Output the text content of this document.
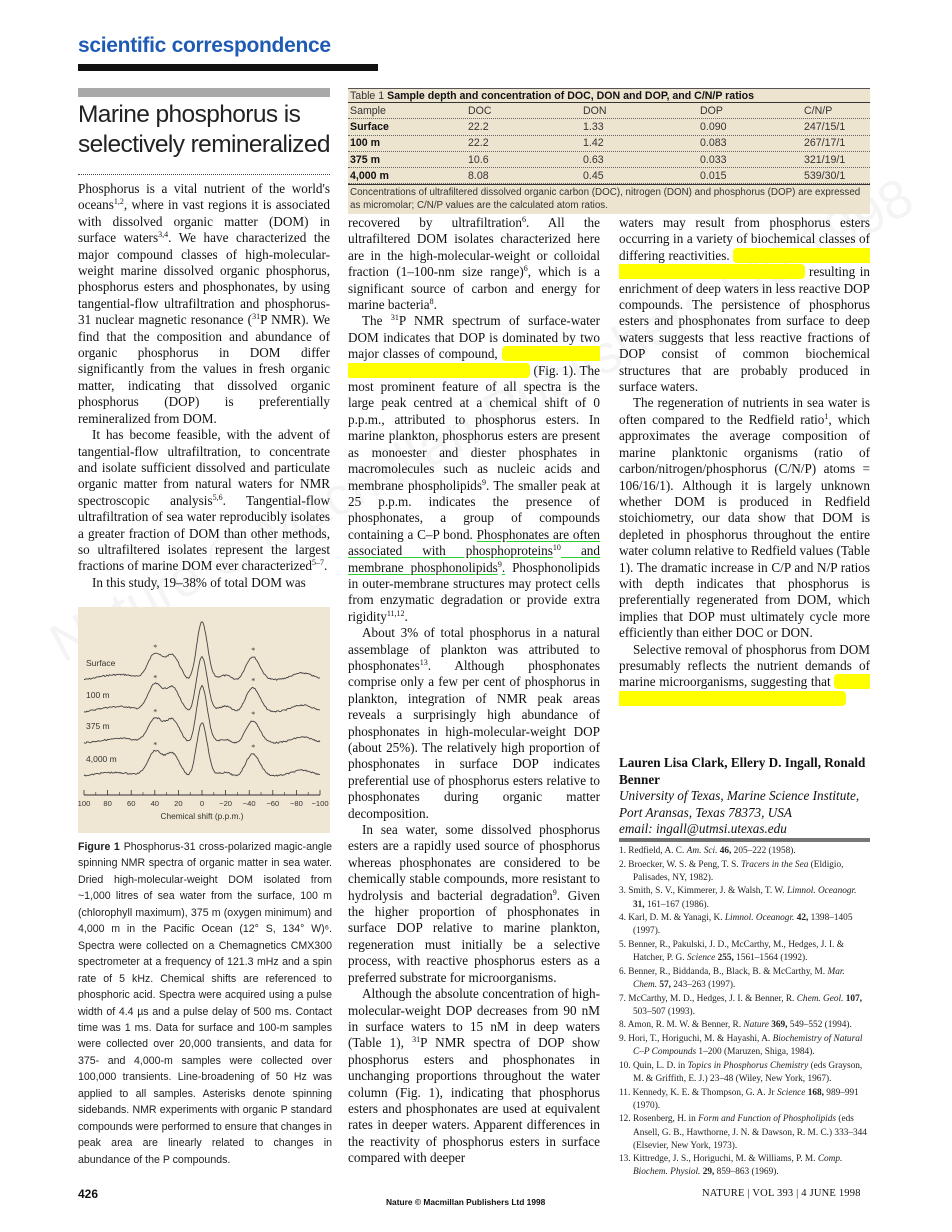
scientific correspondence
Marine phosphorus is selectively remineralized

Phosphorus is a vital nutrient of the world's oceans$^{1,2}$, where in vast regions it is associated with dissolved organic matter (DOM) in surface waters$^{3,4}$. We have characterized the major compound classes of high-molecular-weight marine dissolved organic phosphorus, phosphorus esters and phosphonates, by using tangential-flow ultrafiltration and phosphorus-31 nuclear magnetic resonance ($^{31}$P NMR). We find that the composition and abundance of organic phosphorus in DOM differ significantly from the values in fresh organic matter, indicating that dissolved organic phosphorus (DOP) is preferentially remineralized from DOM.

It has become feasible, with the advent of tangential-flow ultrafiltration, to concentrate and isolate sufficient dissolved and particulate organic matter from natural waters for NMR spectroscopic analysis$^{5,6}$. Tangential-flow ultrafiltration of sea water reproducibly isolates a greater fraction of DOM than other methods, so ultrafiltered isolates represent the largest fractions of marine DOM ever characterized$^{5-7}$.

In this study, 19–38% of total DOM was

recovered by ultrafiltration$^6$. All the ultrafiltered DOM isolates characterized here are in the high-molecular-weight or colloidal fraction (1–100-nm size range)$^6$, which is a significant source of carbon and energy for marine bacteria$^8$.

The $^{31}$P NMR spectrum of surface-water DOM indicates that DOP is dominated by two major classes of compound,                                                                                  (Fig. 1). The most prominent feature of all spectra is the large peak centred at a chemical shift of 0 p.p.m., attributed to phosphorus esters. In marine plankton, phosphorus esters are present as monoester and diester phosphates in macromolecules such as nucleic acids and membrane phospholipids$^9$. The smaller peak at 25 p.p.m. indicates the presence of phosphonates, a group of compounds containing a C–P bond. Phosphonates are often associated with phosphoproteins$^{10}$ and membrane phosphonolipids$^9$. Phosphonolipids in outer-membrane structures may protect cells from enzymatic degradation or provide extra rigidity$^{11,12}$.

About 3% of total phosphorus in a natural assemblage of plankton was attributed to phosphonates$^{13}$. Although phosphonates comprise only a few per cent of phosphorus in plankton, integration of NMR peak areas reveals a surprisingly high abundance of phosphonates in high-molecular-weight DOP (about 25%). The relatively high proportion of phosphonates in surface DOP indicates preferential use of phosphorus esters relative to phosphonates during organic matter decomposition.

In sea water, some dissolved phosphorus esters are a rapidly used source of phosphorus whereas phosphonates are considered to be chemically stable compounds, more resistant to hydrolysis and bacterial degradation$^9$. Given the higher proportion of phosphonates in surface DOP relative to marine plankton, regeneration must initially be a selective process, with reactive phosphorus esters as a preferred substrate for microorganisms.

Although the absolute concentration of high-molecular-weight DOP decreases from 90 nM in surface waters to 15 nM in deep waters (Table 1), $^{31}$P NMR spectra of DOP show phosphorus esters and phosphonates in unchanging proportions throughout the water column (Fig. 1), indicating that phosphorus esters and phosphonates are used at equivalent rates in deeper waters. Apparent differences in the reactivity of phosphorus esters in surface compared with deeper

waters may result from phosphorus esters occurring in a variety of biochemical classes of differing reactivities.                                                                                  resulting in enrichment of deep waters in less reactive DOP compounds. The persistence of phosphorus esters and phosphonates from surface to deep waters suggests that less reactive fractions of DOP consist of common biochemical structures that are probably produced in surface waters.

The regeneration of nutrients in sea water is often compared to the Redfield ratio$^1$, which approximates the average composition of marine planktonic organisms (ratio of carbon/nitrogen/phosphorus (C/N/P) atoms = 106/16/1). Although it is largely unknown whether DOM is produced in Redfield stoichiometry, our data show that DOM is depleted in phosphorus throughout the entire water column relative to Redfield values (Table 1). The dramatic increase in C/P and N/P ratios with depth indicates that phosphorus is preferentially regenerated from DOM, which implies that DOP must ultimately cycle more efficiently than either DOC or DON.

Selective removal of phosphorus from DOM presumably reflects the nutrient demands of marine microorganisms, suggesting that

Surface
*	*
100 m
*	*
375 m
*	*
4,000 m
*	*
100 80 60 40 20 0 −20 −40 −60 −80 −100
Chemical shift (p.p.m.)
Figure 1 Phosphorus-31 cross-polarized magic-angle spinning NMR spectra of organic matter in sea water. Dried high-molecular-weight DOM isolated from ~1,000 litres of sea water from the surface, 100 m (chlorophyll maximum), 375 m (oxygen minimum) and 4,000 m in the Pacific Ocean (12° S, 134° W)⁶. Spectra were collected on a Chemagnetics CMX300 spectrometer at a frequency of 121.3 mHz and a spin rate of 5 kHz. Chemical shifts are referenced to phosphoric acid. Spectra were acquired using a pulse width of 4.4 µs and a pulse delay of 500 ms. Contact time was 1 ms. Data for surface and 100-m samples were collected over 20,000 transients, and data for 375- and 4,000-m samples were collected over 100,000 transients. Line-broadening of 50 Hz was applied to all samples. Asterisks denote spinning sidebands. NMR experiments with organic P standard compounds were performed to ensure that changes in peak area are linearly related to changes in abundance of the P compounds.
Table 1 Sample depth and concentration of DOC, DON and DOP, and C/N/P ratios
Sample	DOC	DON	DOP	C/N/P
Surface	22.2	1.33	0.090	247/15/1
100 m	22.2	1.42	0.083	267/17/1
375 m	10.6	0.63	0.033	321/19/1
4,000 m	8.08	0.45	0.015	539/30/1
Concentrations of ultrafiltered dissolved organic carbon (DOC), nitrogen (DON) and phosphorus (DOP) are expressed as micromolar; C/N/P values are the calculated atom ratios.
Lauren Lisa Clark, Ellery D. Ingall, Ronald Benner
University of Texas, Marine Science Institute,
Port Aransas, Texas 78373, USA
email: ingall@utmsi.utexas.edu
1. Redfield, A. C. Am. Sci. 46, 205–222 (1958).
2. Broecker, W. S. & Peng, T. S. Tracers in the Sea (Eldigio, Palisades, NY, 1982).
3. Smith, S. V., Kimmerer, J. & Walsh, T. W. Limnol. Oceanogr. 31, 161–167 (1986).
4. Karl, D. M. & Yanagi, K. Limnol. Oceanogr. 42, 1398–1405 (1997).
5. Benner, R., Pakulski, J. D., McCarthy, M., Hedges, J. I. & Hatcher, P. G. Science 255, 1561–1564 (1992).
6. Benner, R., Biddanda, B., Black, B. & McCarthy, M. Mar. Chem. 57, 243–263 (1997).
7. McCarthy, M. D., Hedges, J. I. & Benner, R. Chem. Geol. 107, 503–507 (1993).
8. Amon, R. M. W. & Benner, R. Nature 369, 549–552 (1994).
9. Hori, T., Horiguchi, M. & Hayashi, A. Biochemistry of Natural C–P Compounds 1–200 (Maruzen, Shiga, 1984).
10. Quin, L. D. in Topics in Phosphorus Chemistry (eds Grayson, M. & Griffith, E. J.) 23–48 (Wiley, New York, 1967).
11. Kennedy, K. E. & Thompson, G. A. Jr Science 168, 989–991 (1970).
12. Rosenberg, H. in Form and Function of Phospholipids (eds Ansell, G. B., Hawthorne, J. N. & Dawson, R. M. C.) 333–344 (Elsevier, New York, 1973).
13. Kittredge, J. S., Horiguchi, M. & Williams, P. M. Comp. Biochem. Physiol. 29, 859–863 (1969).
426
Nature © Macmillan Publishers Ltd 1998
NATURE | VOL 393 | 4 JUNE 1998
